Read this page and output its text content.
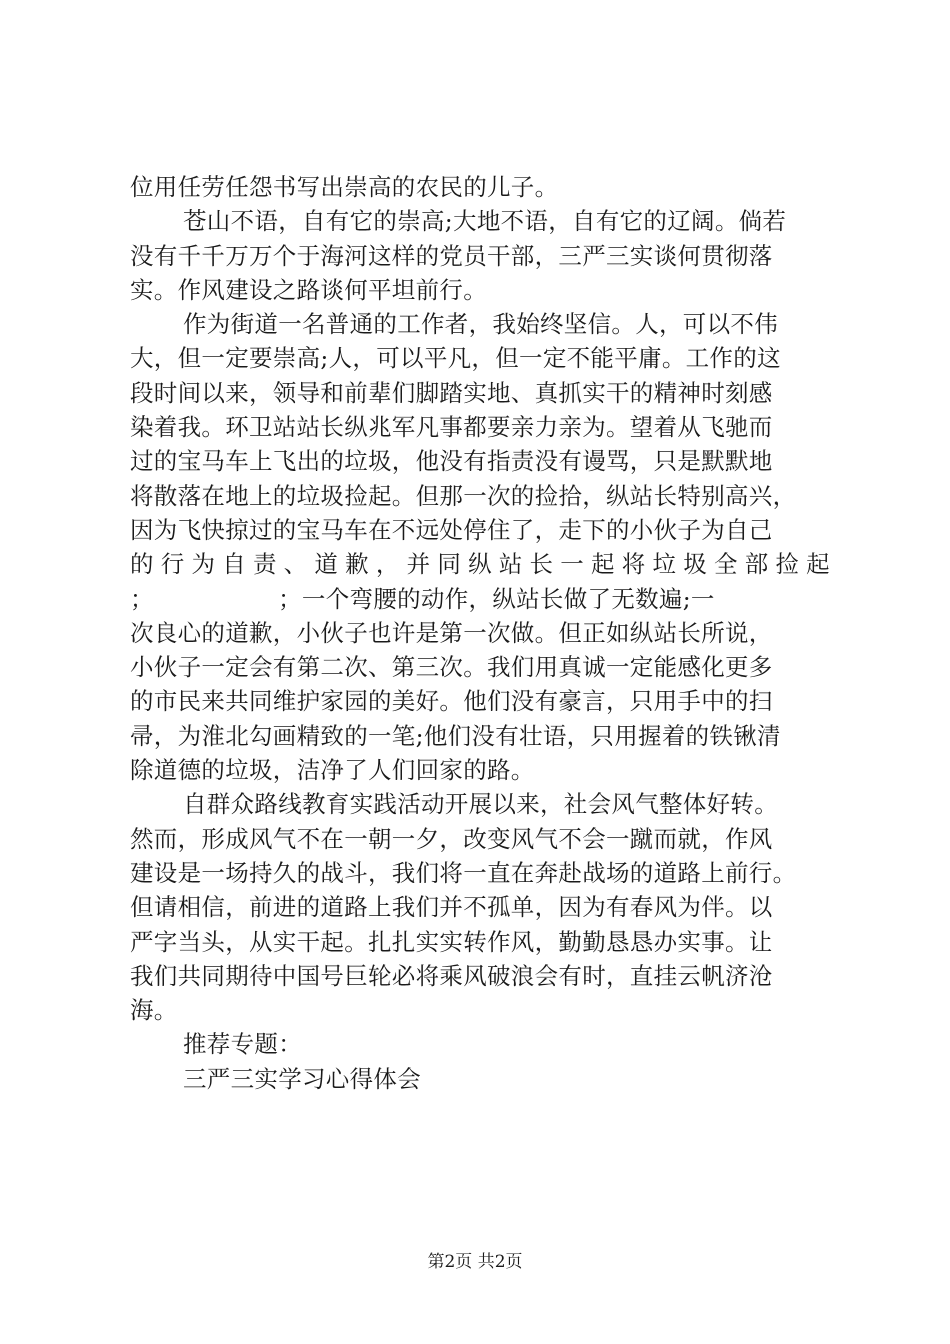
位用任劳任怨书写出崇高的农民的儿子。
苍山不语，自有它的崇高;大地不语，自有它的辽阔。倘若
没有千千万万个于海河这样的党员干部，三严三实谈何贯彻落
实。作风建设之路谈何平坦前行。
作为街道一名普通的工作者，我始终坚信。人，可以不伟
大，但一定要崇高;人，可以平凡，但一定不能平庸。工作的这
段时间以来，领导和前辈们脚踏实地、真抓实干的精神时刻感
染着我。环卫站站长纵兆军凡事都要亲力亲为。望着从飞驰而
过的宝马车上飞出的垃圾，他没有指责没有谩骂，只是默默地
将散落在地上的垃圾捡起。但那一次的捡拾，纵站长特别高兴，
因为飞快掠过的宝马车在不远处停住了，走下的小伙子为自己
的 行 为 自 责 、 道 歉 ， 并 同 纵 站 长 一 起 将 垃 圾 全 部 捡 起
；                ；一个弯腰的动作，纵站长做了无数遍;一
次良心的道歉，小伙子也许是第一次做。但正如纵站长所说，
小伙子一定会有第二次、第三次。我们用真诚一定能感化更多
的市民来共同维护家园的美好。他们没有豪言，只用手中的扫
帚，为淮北勾画精致的一笔;他们没有壮语，只用握着的铁锹清
除道德的垃圾，洁净了人们回家的路。
自群众路线教育实践活动开展以来，社会风气整体好转。
然而，形成风气不在一朝一夕，改变风气不会一蹴而就，作风
建设是一场持久的战斗，我们将一直在奔赴战场的道路上前行。
但请相信，前进的道路上我们并不孤单，因为有春风为伴。以
严字当头，从实干起。扎扎实实转作风，勤勤恳恳办实事。让
我们共同期待中国号巨轮必将乘风破浪会有时，直挂云帆济沧
海。
推荐专题：
三严三实学习心得体会
第2页 共2页
